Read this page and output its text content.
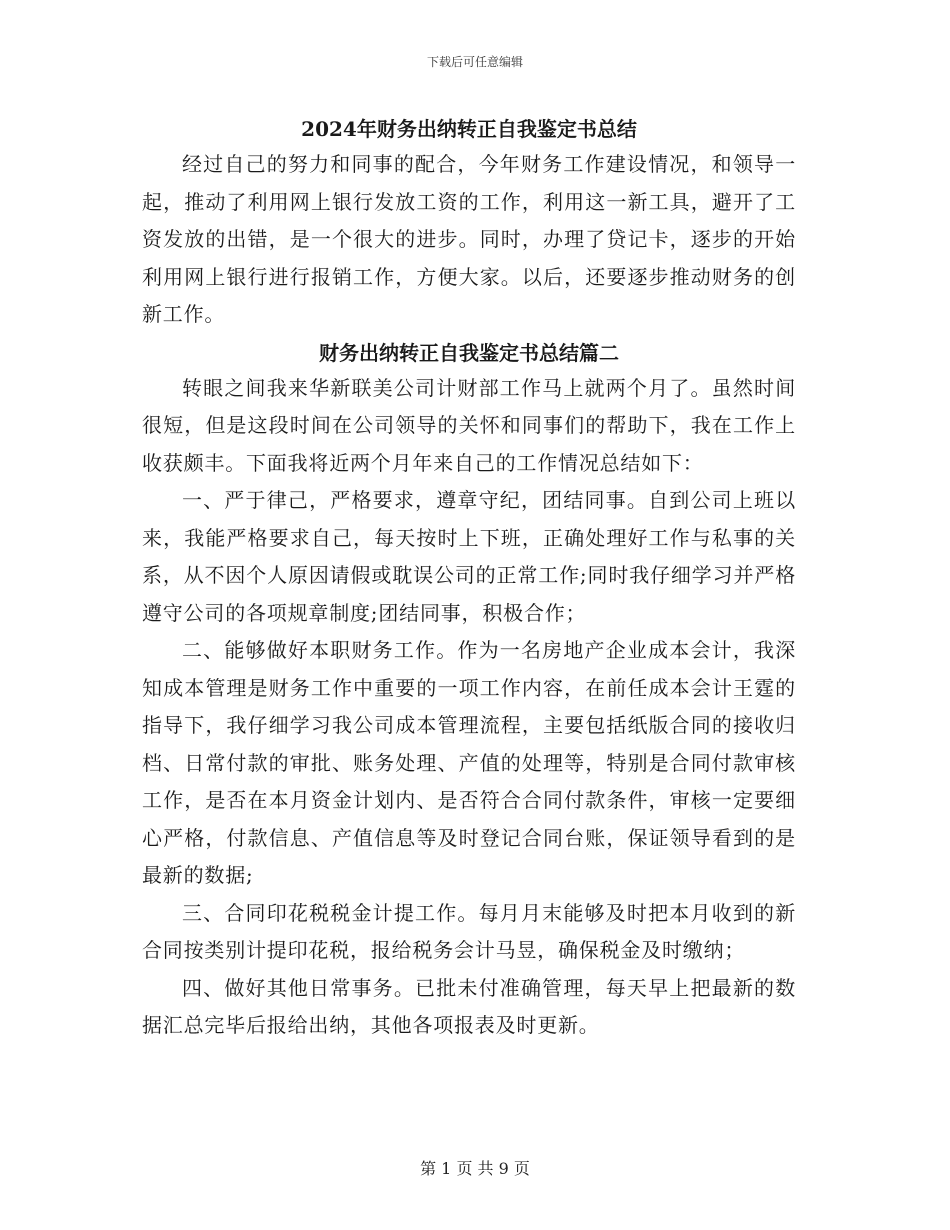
下载后可任意编辑
2024年财务出纳转正自我鉴定书总结

经过自己的努力和同事的配合，今年财务工作建设情况，和领导一起，推动了利用网上银行发放工资的工作，利用这一新工具，避开了工资发放的出错，是一个很大的进步。同时，办理了贷记卡，逐步的开始利用网上银行进行报销工作，方便大家。以后，还要逐步推动财务的创新工作。

财务出纳转正自我鉴定书总结篇二

转眼之间我来华新联美公司计财部工作马上就两个月了。虽然时间很短，但是这段时间在公司领导的关怀和同事们的帮助下，我在工作上收获颇丰。下面我将近两个月年来自己的工作情况总结如下：

一、严于律己，严格要求，遵章守纪，团结同事。自到公司上班以来，我能严格要求自己，每天按时上下班，正确处理好工作与私事的关系，从不因个人原因请假或耽误公司的正常工作;同时我仔细学习并严格遵守公司的各项规章制度;团结同事，积极合作；

二、能够做好本职财务工作。作为一名房地产企业成本会计，我深知成本管理是财务工作中重要的一项工作内容，在前任成本会计王霆的指导下，我仔细学习我公司成本管理流程，主要包括纸版合同的接收归档、日常付款的审批、账务处理、产值的处理等，特别是合同付款审核工作，是否在本月资金计划内、是否符合合同付款条件，审核一定要细心严格，付款信息、产值信息等及时登记合同台账，保证领导看到的是最新的数据;

三、合同印花税税金计提工作。每月月末能够及时把本月收到的新合同按类别计提印花税，报给税务会计马昱，确保税金及时缴纳；

四、做好其他日常事务。已批未付准确管理，每天早上把最新的数据汇总完毕后报给出纳，其他各项报表及时更新。

第 1 页 共 9 页
